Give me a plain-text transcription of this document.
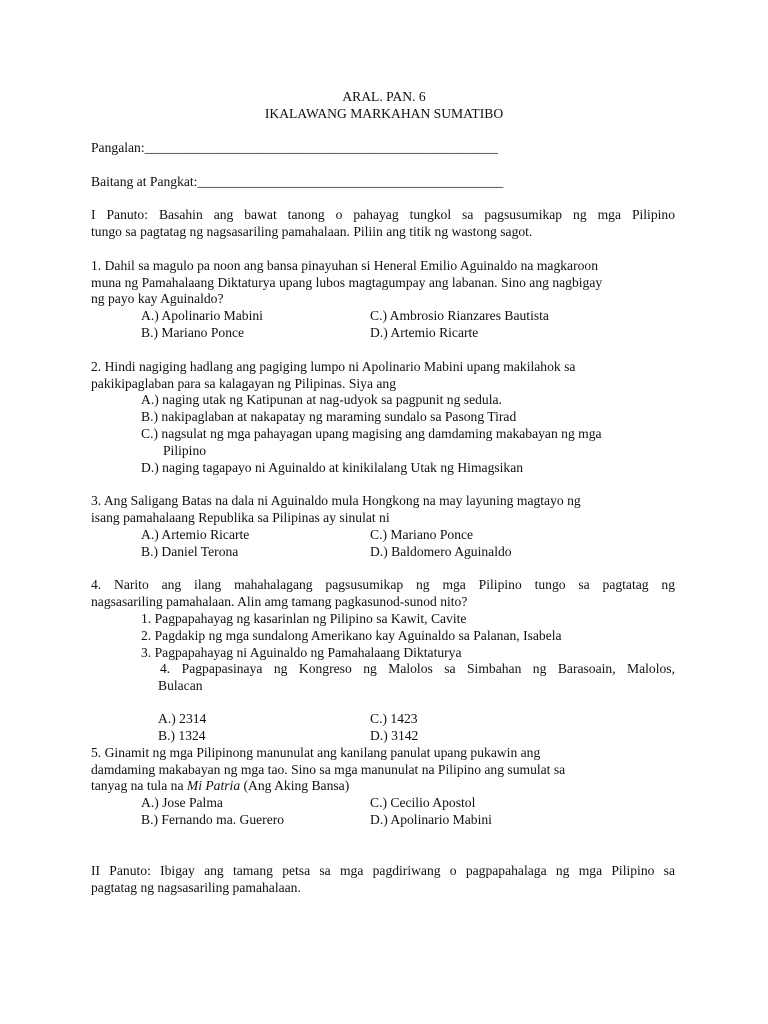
ARAL. PAN. 6
IKALAWANG MARKAHAN SUMATIBO
Pangalan:____________________________________________________
Baitang at Pangkat:_____________________________________________
I Panuto: Basahin ang bawat tanong o pahayag tungkol sa pagsusumikap ng mga Pilipino
tungo sa pagtatag ng nagsasariling pamahalaan. Piliin ang titik ng wastong sagot.
1. Dahil sa magulo pa noon ang bansa pinayuhan si Heneral Emilio Aguinaldo na magkaroon
muna ng Pamahalaang Diktaturya upang lubos magtagumpay ang labanan. Sino ang nagbigay
ng payo kay Aguinaldo?
A.) Apolinario Mabini	C.) Ambrosio Rianzares Bautista
B.) Mariano Ponce	D.) Artemio Ricarte
2. Hindi nagiging hadlang ang pagiging lumpo ni Apolinario Mabini upang makilahok sa
pakikipaglaban para sa kalagayan ng Pilipinas. Siya ang
A.) naging utak ng Katipunan at nag-udyok sa pagpunit ng sedula.
B.) nakipaglaban at nakapatay ng maraming sundalo sa Pasong Tirad
C.) nagsulat ng mga pahayagan upang magising ang damdaming makabayan ng mga
Pilipino
D.) naging tagapayo ni Aguinaldo at kinikilalang Utak ng Himagsikan
3. Ang Saligang Batas na dala ni Aguinaldo mula Hongkong na may layuning magtayo ng
isang pamahalaang Republika sa Pilipinas ay sinulat ni
A.) Artemio Ricarte	C.) Mariano Ponce
B.) Daniel Terona	D.) Baldomero Aguinaldo
4. Narito ang ilang mahahalagang pagsusumikap ng mga Pilipino tungo sa pagtatag ng
nagsasariling pamahalaan. Alin amg tamang pagkasunod-sunod nito?
1. Pagpapahayag ng kasarinlan ng Pilipino sa Kawit, Cavite
2. Pagdakip ng mga sundalong Amerikano kay Aguinaldo sa Palanan, Isabela
3. Pagpapahayag ni Aguinaldo ng Pamahalaang Diktaturya
4. Pagpapasinaya ng Kongreso ng Malolos sa Simbahan ng Barasoain, Malolos,
Bulacan
A.) 2314	C.) 1423
B.) 1324	D.) 3142
5. Ginamit ng mga Pilipinong manunulat ang kanilang panulat upang pukawin ang
damdaming makabayan ng mga tao. Sino sa mga manunulat na Pilipino ang sumulat sa
tanyag na tula na Mi Patria (Ang Aking Bansa)
A.) Jose Palma	C.) Cecilio Apostol
B.) Fernando ma. Guerero	D.) Apolinario Mabini
II Panuto: Ibigay ang tamang petsa sa mga pagdiriwang o pagpapahalaga ng mga Pilipino sa
pagtatag ng nagsasariling pamahalaan.
